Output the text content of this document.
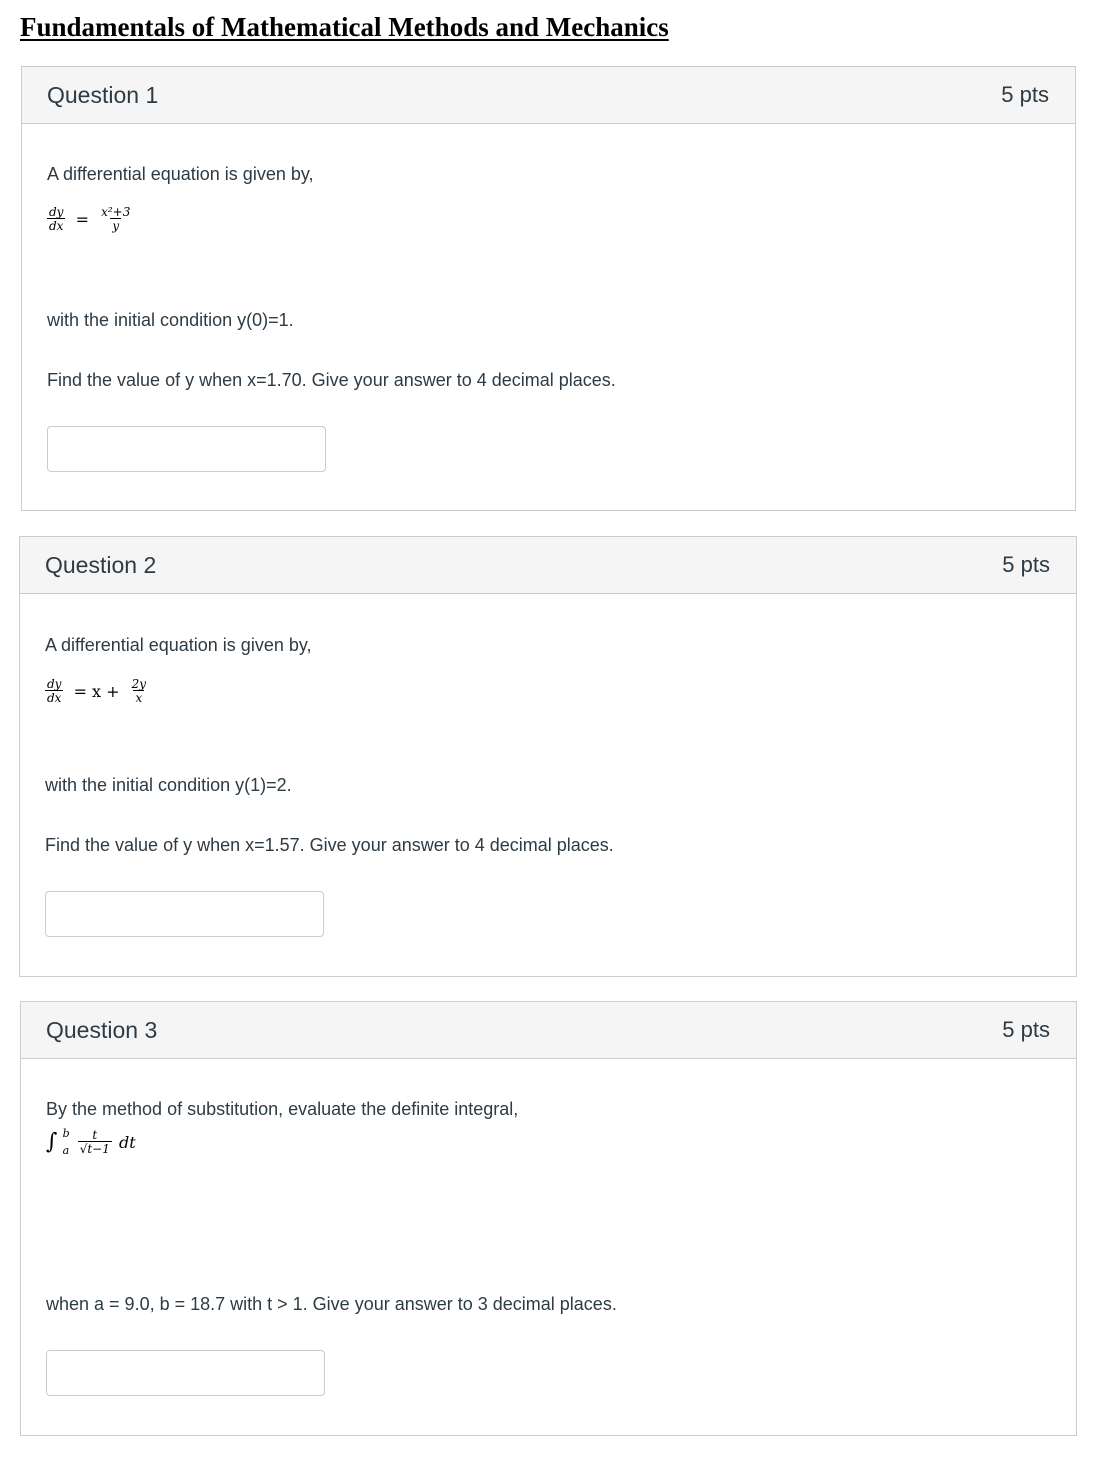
Fundamentals of Mathematical Methods and Mechanics
Question 1	5 pts

A differential equation is given by,

$\frac{dy}{dx} = \frac{\text{x²+3}}{y}$

with the initial condition y(0)=1.

Find the value of y when x=1.70. Give your answer to 4 decimal places.

Question 2	5 pts

A differential equation is given by,

$\frac{dy}{dx} = x + \frac{2y}{x}$

with the initial condition y(1)=2.

Find the value of y when x=1.57. Give your answer to 4 decimal places.

Question 3	5 pts

By the method of substitution, evaluate the definite integral,

∫ b
a
$\frac{t}{√t-1}$ dt

when a = 9.0, b = 18.7 with t > 1. Give your answer to 3 decimal places.
